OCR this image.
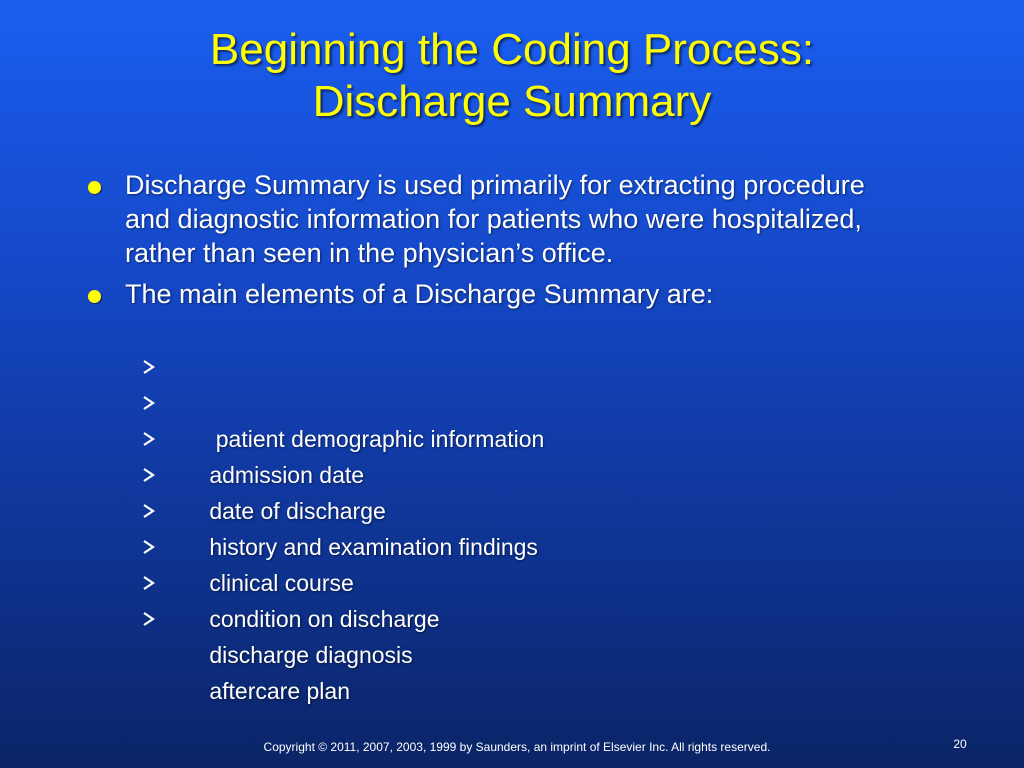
Beginning the Coding Process:
Discharge Summary
Discharge Summary is used primarily for extracting procedure and diagnostic information for patients who were hospitalized, rather than seen in the physician’s office.
The main elements of a Discharge Summary are:

patient demographic information

admission date

date of discharge

history and examination findings

clinical course

condition on discharge

discharge diagnosis

aftercare plan

Copyright © 2011, 2007, 2003, 1999 by Saunders, an imprint of Elsevier Inc. All rights reserved.	20
